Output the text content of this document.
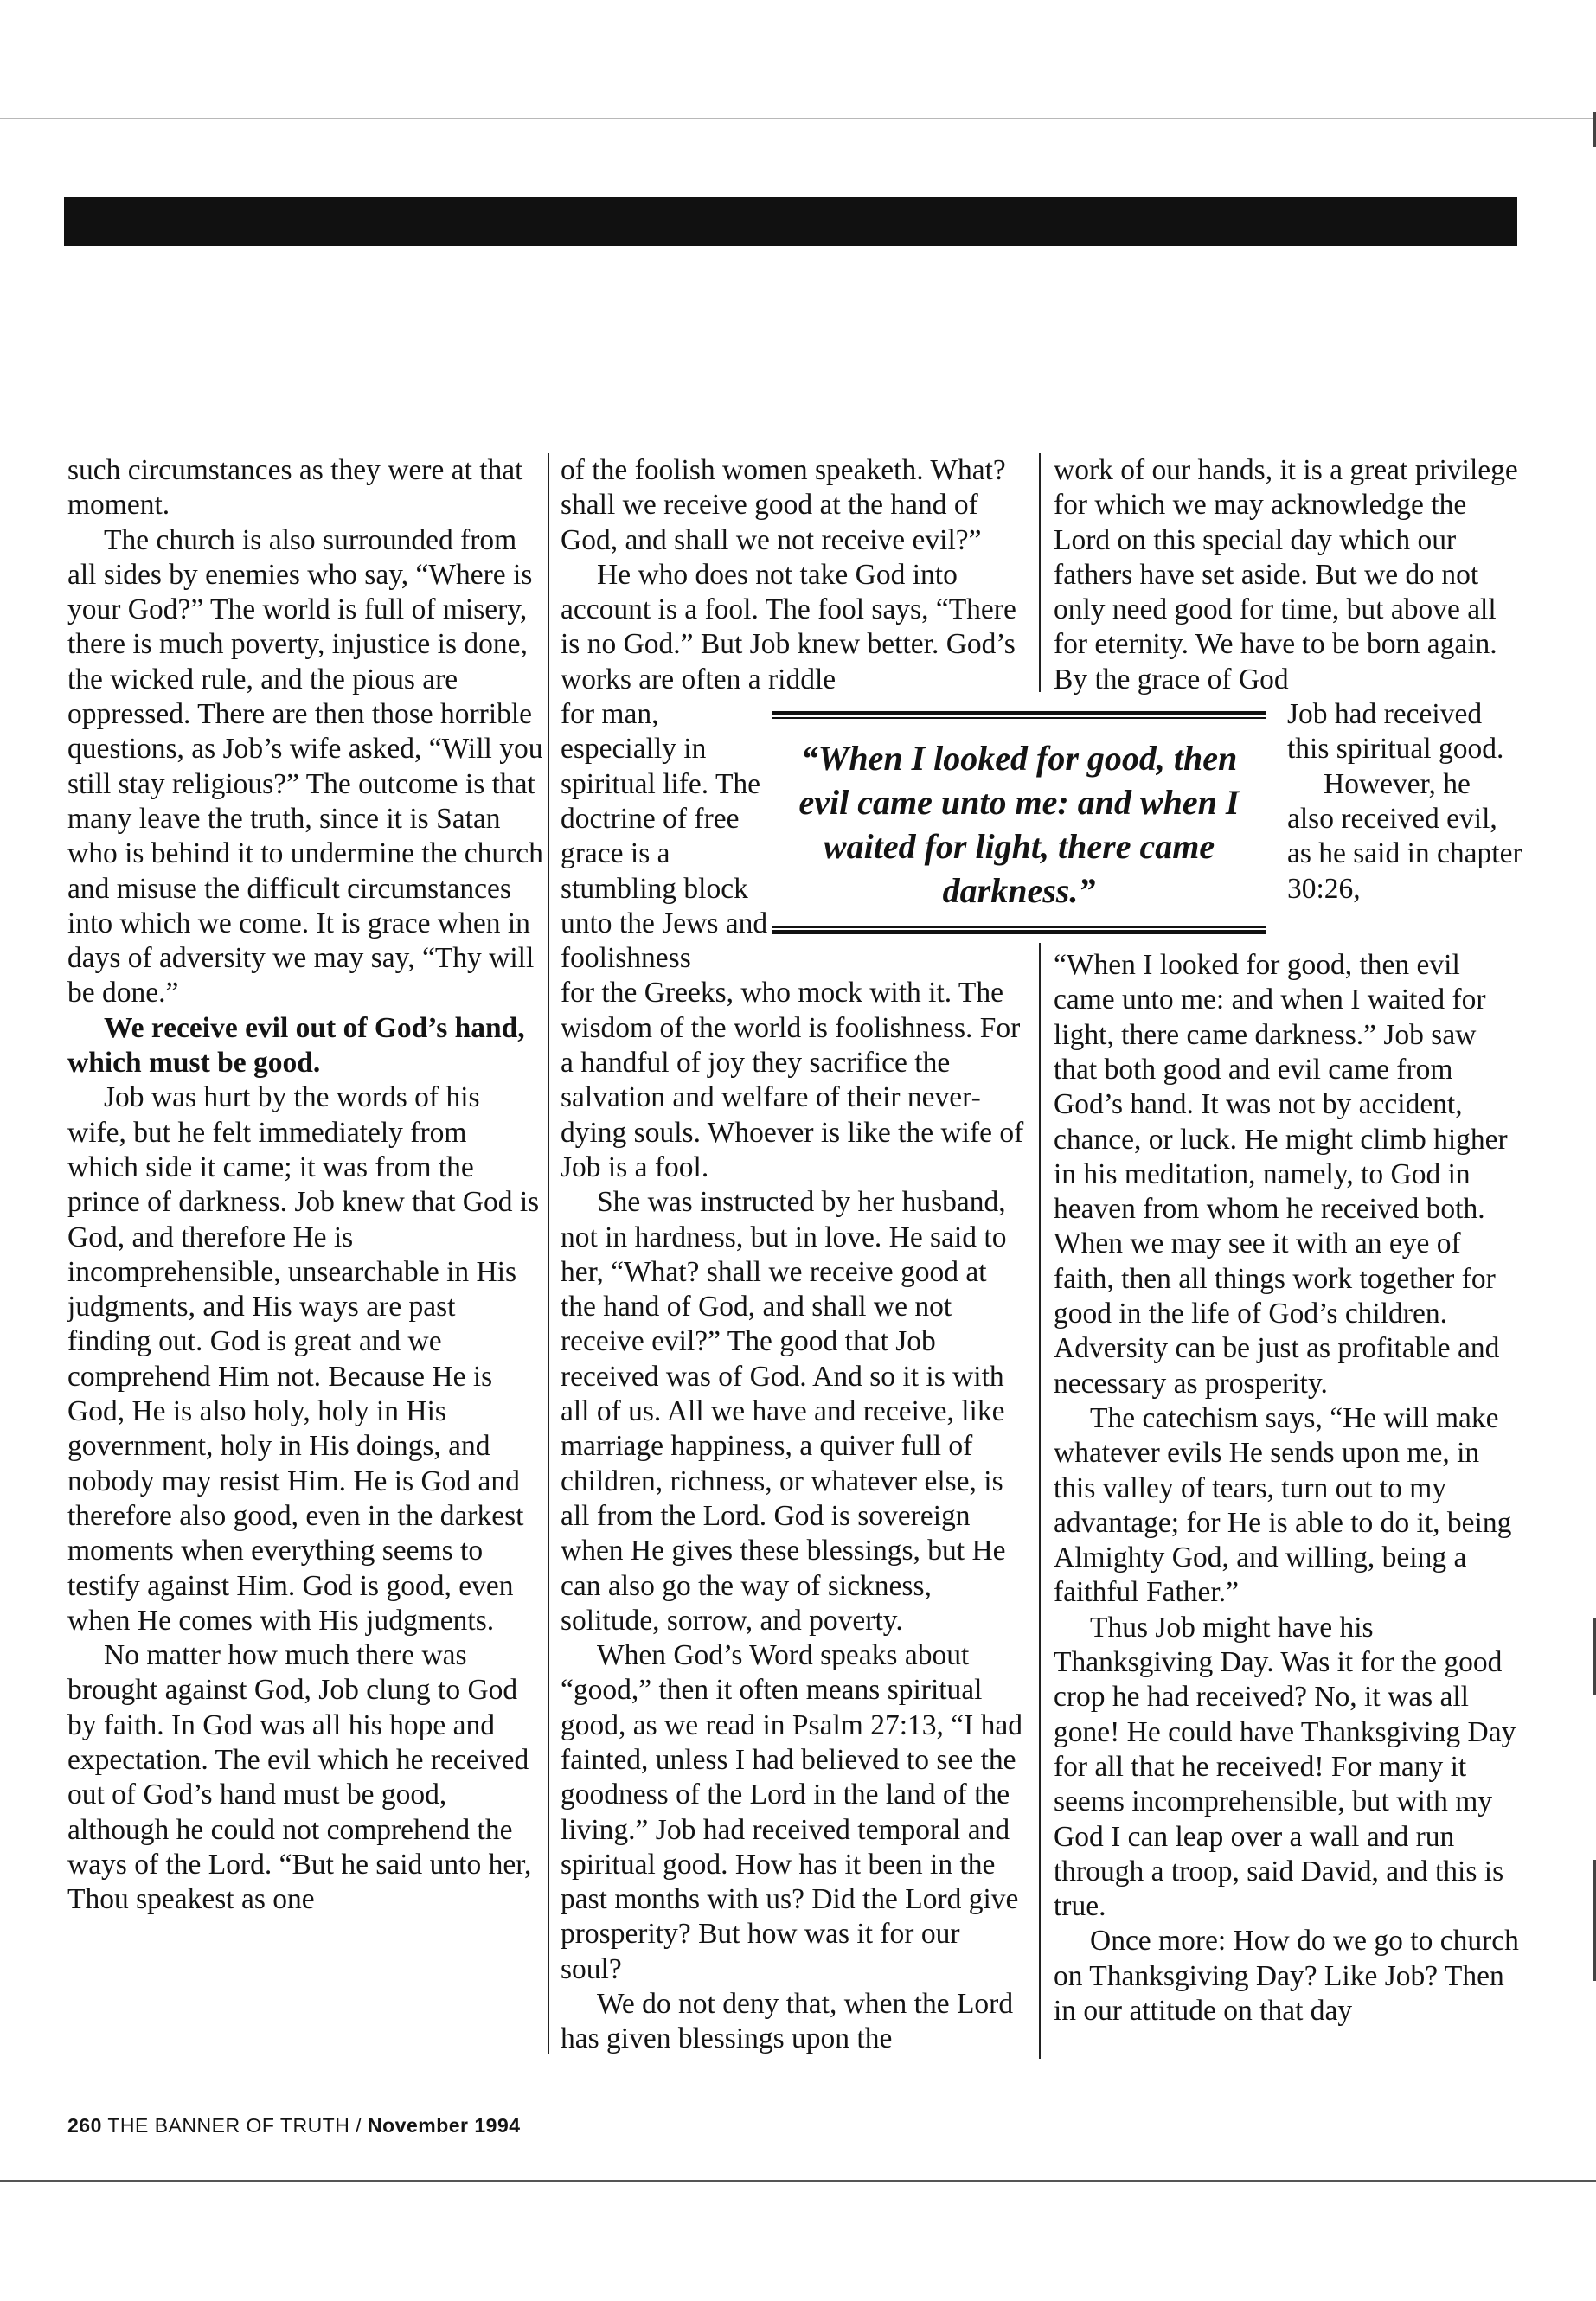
such circumstances as they were at that moment.

The church is also surrounded from all sides by enemies who say, “Where is your God?” The world is full of misery, there is much poverty, injustice is done, the wicked rule, and the pious are oppressed. There are then those horrible questions, as Job’s wife asked, “Will you still stay religious?” The outcome is that many leave the truth, since it is Satan who is behind it to undermine the church and misuse the difficult circumstances into which we come. It is grace when in days of adversity we may say, “Thy will be done.”

We receive evil out of God’s hand, which must be good.

Job was hurt by the words of his wife, but he felt immediately from which side it came; it was from the prince of darkness. Job knew that God is God, and therefore He is incomprehensible, unsearchable in His judgments, and His ways are past finding out. God is great and we comprehend Him not. Because He is God, He is also holy, holy in His government, holy in His doings, and nobody may resist Him. He is God and therefore also good, even in the darkest moments when everything seems to testify against Him. God is good, even when He comes with His judgments.

No matter how much there was brought against God, Job clung to God by faith. In God was all his hope and expectation. The evil which he received out of God’s hand must be good, although he could not comprehend the ways of the Lord. “But he said unto her, Thou speakest as one

of the foolish women speaketh. What? shall we receive good at the hand of God, and shall we not receive evil?”

He who does not take God into account is a fool. The fool says, “There is no God.” But Job knew better. God’s works are often a riddle

for man, especially in spiritual life. The doctrine of free grace is a stumbling block unto the Jews and foolishness

for the Greeks, who mock with it. The wisdom of the world is foolishness. For a handful of joy they sacrifice the salvation and welfare of their never-dying souls. Whoever is like the wife of Job is a fool.

She was instructed by her husband, not in hardness, but in love. He said to her, “What? shall we receive good at the hand of God, and shall we not receive evil?” The good that Job received was of God. And so it is with all of us. All we have and receive, like marriage happiness, a quiver full of children, richness, or whatever else, is all from the Lord. God is sovereign when He gives these blessings, but He can also go the way of sickness, solitude, sorrow, and poverty.

When God’s Word speaks about “good,” then it often means spiritual good, as we read in Psalm 27:13, “I had fainted, unless I had believed to see the goodness of the Lord in the land of the living.” Job had received temporal and spiritual good. How has it been in the past months with us? Did the Lord give prosperity? But how was it for our soul?

We do not deny that, when the Lord has given blessings upon the

work of our hands, it is a great privilege for which we may acknowledge the Lord on this special day which our fathers have set aside. But we do not only need good for time, but above all for eternity. We have to be born again. By the grace of God

Job had received this spiritual good.

However, he also received evil, as he said in chapter 30:26,

“When I looked for good, then evil came unto me: and when I waited for light, there came darkness.” Job saw that both good and evil came from God’s hand. It was not by accident, chance, or luck. He might climb higher in his meditation, namely, to God in heaven from whom he received both. When we may see it with an eye of faith, then all things work together for good in the life of God’s children. Adversity can be just as profitable and necessary as prosperity.

The catechism says, “He will make whatever evils He sends upon me, in this valley of tears, turn out to my advantage; for He is able to do it, being Almighty God, and willing, being a faithful Father.”

Thus Job might have his Thanksgiving Day. Was it for the good crop he had received? No, it was all gone! He could have Thanksgiving Day for all that he received! For many it seems incomprehensible, but with my God I can leap over a wall and run through a troop, said David, and this is true.

Once more: How do we go to church on Thanksgiving Day? Like Job? Then in our attitude on that day

“When I looked for good, then evil came unto me: and when I waited for light, there came darkness.”
260 THE BANNER OF TRUTH / November 1994
